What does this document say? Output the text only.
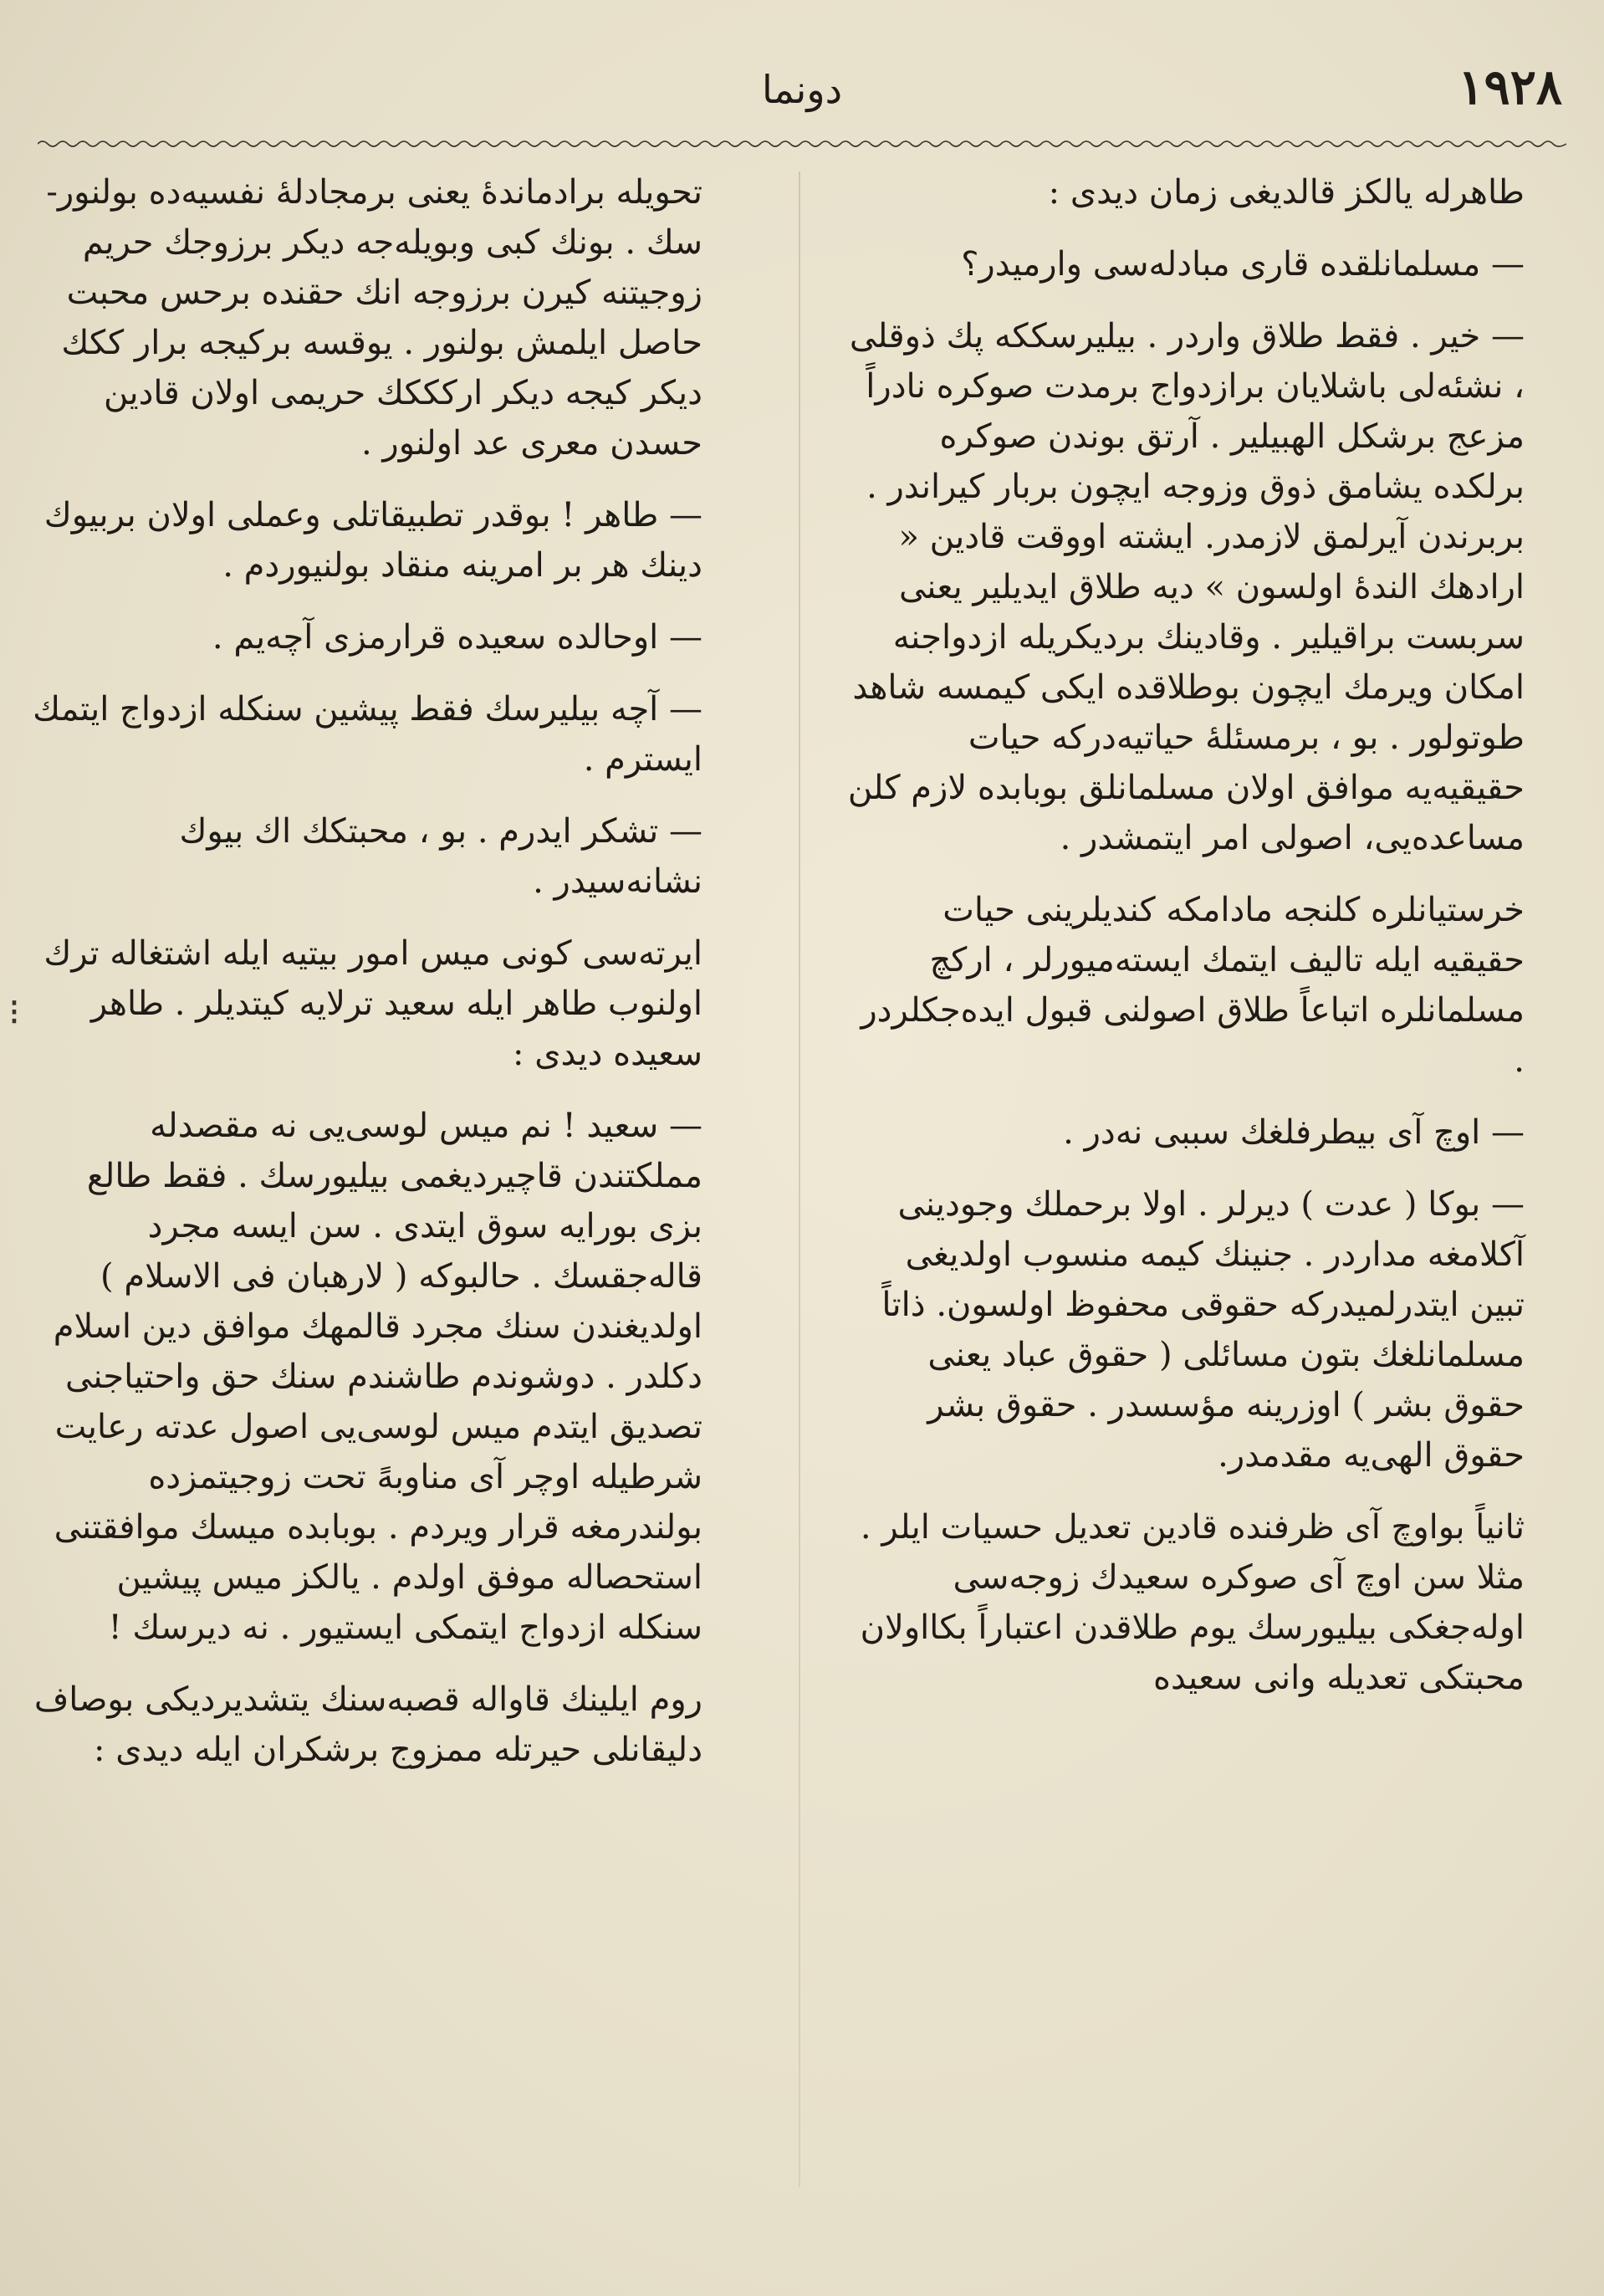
١٩٢٨
دونما

طاهرله يالكز قالديغى زمان ديدى :

— مسلمانلقده قارى مبادله‌سى وارميدر؟

— خير . فقط طلاق واردر . بيليرسككه پك ذوقلى ، نشئه‌لى باشلايان برازدواج برمدت صوكره نادراً مزعج برشكل الهبيلير . آرتق بوندن صوكره برلكده يشامق ذوق وزوجه ايچون بربار كيراندر . بربرندن آيرلمق لازمدر. ايشته اووقت قادين « ارادهك الندهٔ اولسون » ديه طلاق ايديلير يعنى سربست براقيلير . وقادينك برديكريله ازدواجنه امكان ويرمك ايچون بوطلاقده ايكى كيمسه شاهد طوتولور . بو ، برمسئلهٔ حياتيه‌دركه حيات حقيقيه‌يه موافق اولان مسلمانلق بوبابده لازم كلن مساعده‌يى، اصولى امر ايتمشدر .

خرستيانلره كلنجه مادامكه كنديلرينى حيات حقيقيه ايله تاليف ايتمك ايسته‌ميورلر ، اركچ مسلمانلره اتباعاً طلاق اصولنى قبول ايده‌جكلردر .

— اوچ آى بيطرفلغك سببى نه‌در .

— بوكا ( عدت ) ديرلر . اولا برحملك وجودينى آكلامغه مداردر . جنينك كيمه منسوب اولديغى تبين ايتدرلميدركه حقوقى محفوظ اولسون. ذاتاً مسلمانلغك بتون مسائلى ( حقوق عباد يعنى حقوق بشر ) اوزرينه مؤسسدر . حقوق بشر حقوق الهى‌يه مقدمدر.

ثانياً بواوچ آى ظرفنده قادين تعديل حسيات ايلر . مثلا سن اوچ آى صوكره سعيدك زوجه‌سى اوله‌جغكى بيليورسك يوم طلاقدن اعتباراً بكااولان محبتكى تعديله وانى سعيده

تحويله برادماندهٔ يعنى برمجادلهٔ نفسيه‌ده بولنور- سك . بونك كبى وبويله‌جه ديكر برزوجك حريم زوجيتنه كيرن برزوجه انك حقنده برحس محبت حاصل ايلمش بولنور . يوقسه بركيجه برار ككك ديكر كيجه ديكر اركككك حريمى اولان قادين حسدن معرى عد اولنور .

— طاهر ! بوقدر تطبيقاتلى وعملى اولان بربيوك دينك هر بر امرينه منقاد بولنيوردم .

— اوحالده سعيده قرارمزى آچه‌يم .

— آچه بيليرسك فقط پيشين سنكله ازدواج ايتمك ايسترم .

— تشكر ايدرم . بو ، محبتكك اك بيوك نشانه‌سيدر .

ايرته‌سى كونى ميس امور بيتيه ايله اشتغاله ترك اولنوب طاهر ايله سعيد ترلايه كيتديلر . طاهر سعيده ديدى :

— سعيد ! نم ميس لوسى‌يى نه مقصدله مملكتندن قاچيرديغمى بيليورسك . فقط طالع بزى بورايه سوق ايتدى . سن ايسه مجرد قاله‌جقسك . حالبوكه ( لارهبان فى الاسلام ) اولديغندن سنك مجرد قالمهك موافق دين اسلام دكلدر . دوشوندم طاشندم سنك حق واحتياجنى تصديق ايتدم ميس لوسى‌يى اصول عدته رعايت شرطيله اوچر آى مناوبهً تحت زوجيتمزده بولندرمغه قرار ويردم . بوبابده ميسك موافقتنى استحصاله موفق اولدم . يالكز ميس پيشين سنكله ازدواج ايتمكى ايستيور . نه ديرسك !

روم ايلينك قاواله قصبه‌سنك يتشديرديكى بوصاف دليقانلى حيرتله ممزوج برشكران ايله ديدى :

⁝
